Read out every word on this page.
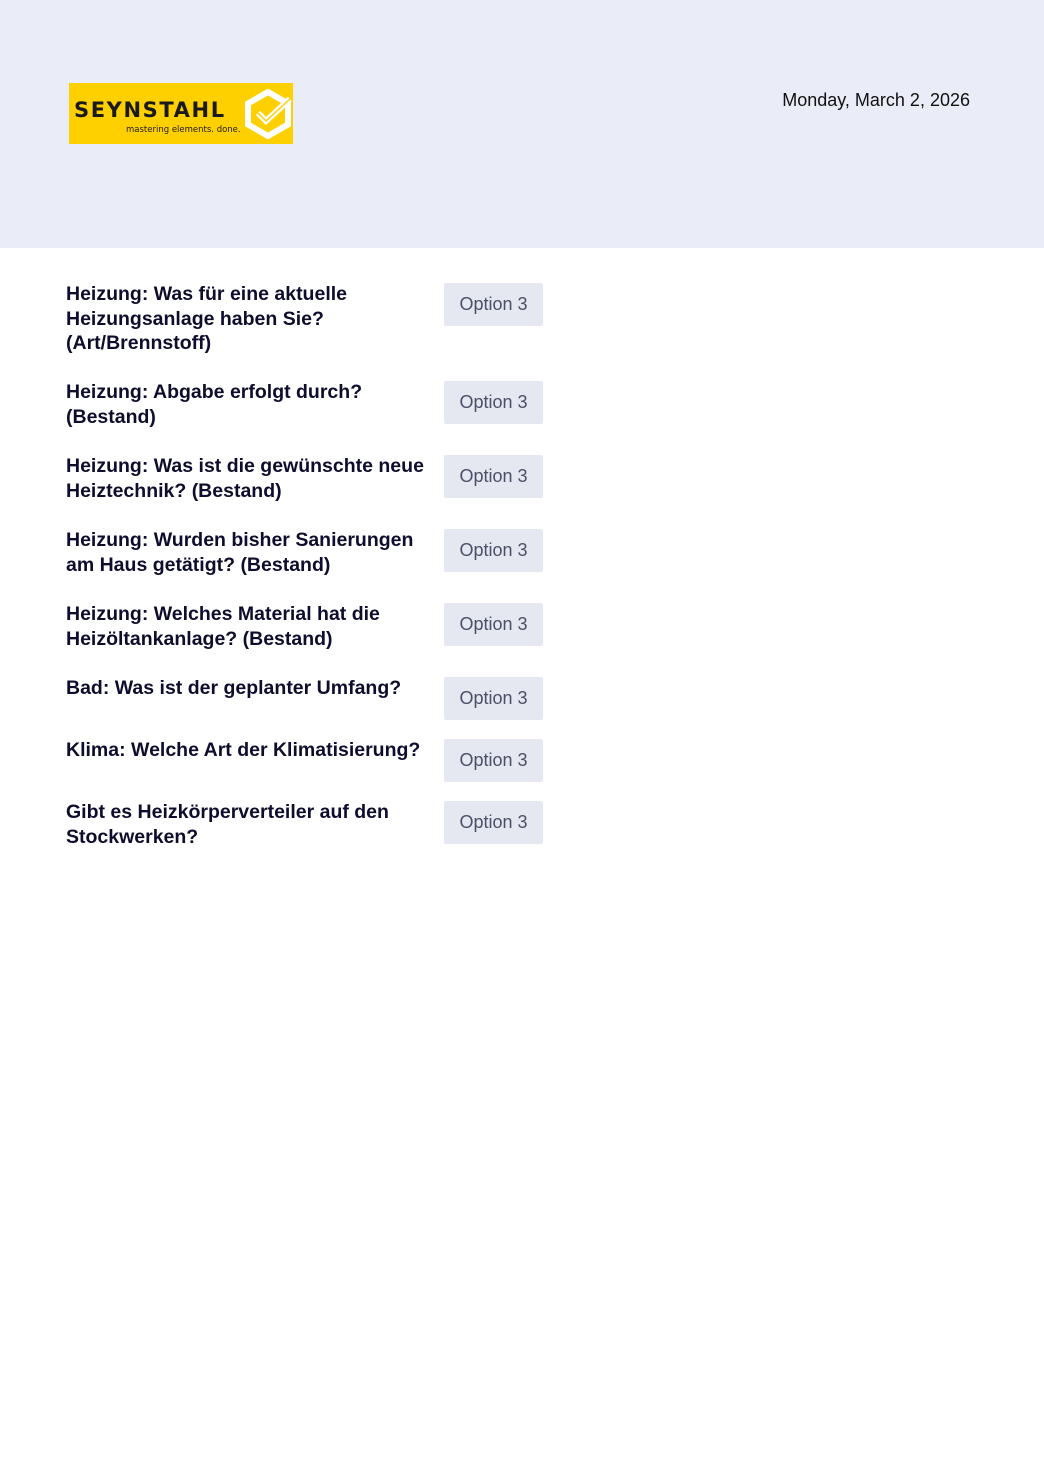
SEYNSTAHL
mastering elements. done.
Monday, March 2, 2026
Heizung: Was für eine aktuelle Heizungsanlage haben Sie? (Art/Brennstoff)
Option 3
Heizung: Abgabe erfolgt durch? (Bestand)
Option 3
Heizung: Was ist die gewünschte neue Heiztechnik? (Bestand)
Option 3
Heizung: Wurden bisher Sanierungen am Haus getätigt? (Bestand)
Option 3
Heizung: Welches Material hat die Heizöltankanlage? (Bestand)
Option 3
Bad: Was ist der geplanter Umfang?	Option 3
Klima: Welche Art der Klimatisierung?	Option 3
Gibt es Heizkörperverteiler auf den Stockwerken?
Option 3
